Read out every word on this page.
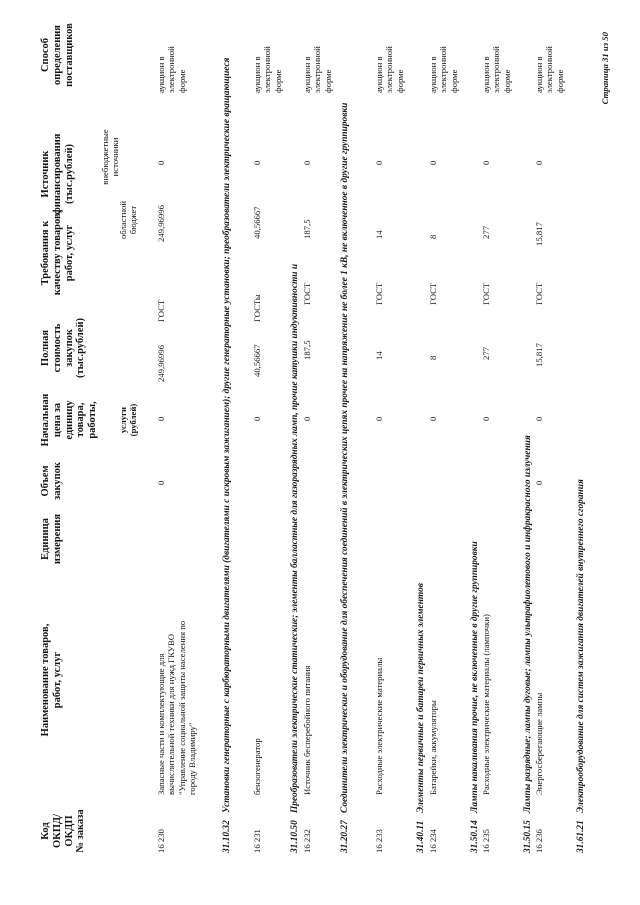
Код
ОКПД/
ОКДП
№ заказа
Наименование товаров,
работ, услуг
Единица
измерения
Объем
закупок
Начальная
цена за
единицу
товара,
работы, услуги
(рублей)
Полная
стоимость
закупок
(тыс.рублей)
Требования к
качеству товаров,
работ, услуг
Источник
финансирования
(тыс.рублей)
областной
бюджет
внебюджетные
источники
Способ
определения
поставщиков
16 230
Запасные части и комплектующие для вычислительной техники для нужд ГКУВО "Управление социальной защиты населения по городу Владимиру"
0
0
249,96996
ГОСТ
249,96996
0
аукцион в
электронной
форме
31.10.32Установки генераторные с карбюраторными двигателями (двигателями с искровым зажиганием); другие генераторные установки; преобразователи электрические вращающиеся
16 231
бензогенератор
0
40,56667
ГОСТы
40,56667
0
аукцион в
электронной
форме
31.10.50Преобразователи электрические статические; элементы балластные для газоразрядных ламп, прочие катушки индуктивности и
16 232
Источник бесперебойного питания
0
187,5
ГОСТ
187,5
0
аукцион в
электронной
форме
31.20.27Соединители электрические и оборудование для обеспечения соединений в электрических цепях прочее на напряжение не более 1 кВ, не включенное в другие группировки
16 233
Расходные электрические материалы
0
14
ГОСТ
14
0
аукцион в
электронной
форме
31.40.11Элементы первичные и батареи первичных элементов
16 234
Батарейки, аккумуляторы
0
8
ГОСТ
8
0
аукцион в
электронной
форме
31.50.14Лампы накаливания прочие, не включенные в другие группировки
16 235
Расходные электрические материалы (лампочки)
0
277
ГОСТ
277
0
аукцион в
электронной
форме
31.50.15Лампы разрядные; лампы дуговые; лампы ультрафиолетового и инфракрасного излучения
16 236
Энергосберегающие лампы
0
0
15,817
ГОСТ
15,817
0
аукцион в
электронной
форме
31.61.21Электрооборудование для систем зажигания двигателей внутреннего сгорания
Страница 31 из 50
